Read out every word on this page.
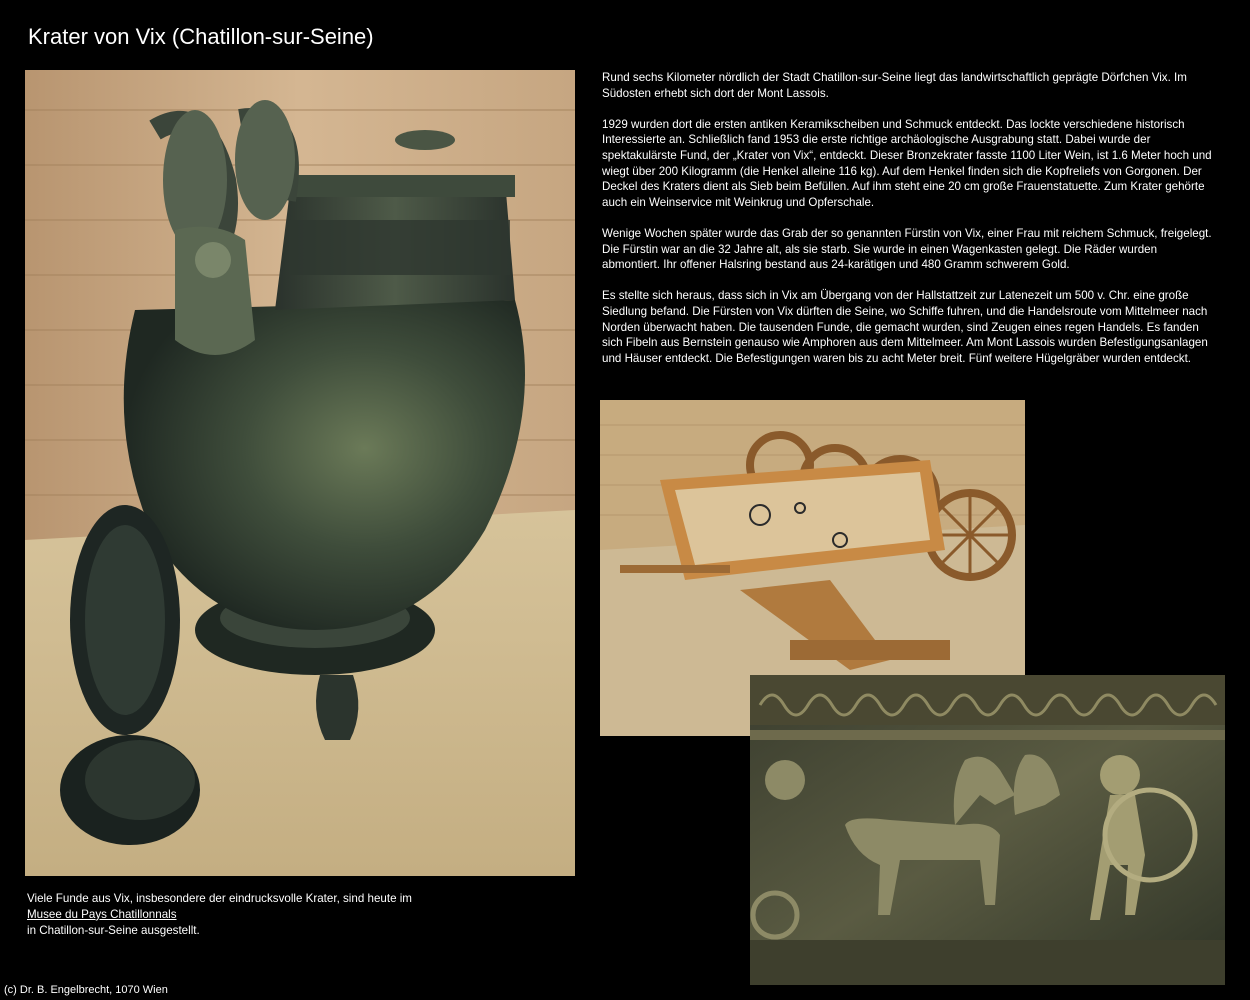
Krater von Vix (Chatillon-sur-Seine)

Rund sechs Kilometer nördlich der Stadt Chatillon-sur-Seine liegt das landwirtschaftlich geprägte Dörfchen Vix. Im Südosten erhebt sich dort der Mont Lassois.

1929 wurden dort die ersten antiken Keramikscheiben und Schmuck entdeckt. Das lockte verschiedene historisch Interessierte an. Schließlich fand 1953 die erste richtige archäologische Ausgrabung statt. Dabei wurde der spektakulärste Fund, der „Krater von Vix“, entdeckt. Dieser Bronzekrater fasste 1100 Liter Wein, ist 1.6 Meter hoch und wiegt über 200 Kilogramm (die Henkel alleine 116 kg). Auf dem Henkel finden sich die Kopfreliefs von Gorgonen. Der Deckel des Kraters dient als Sieb beim Befüllen. Auf ihm steht eine 20 cm große Frauenstatuette. Zum Krater gehörte auch ein Weinservice mit Weinkrug und Opferschale.

Wenige Wochen später wurde das Grab der so genannten Fürstin von Vix, einer Frau mit reichem Schmuck, freigelegt. Die Fürstin war an die 32 Jahre alt, als sie starb. Sie wurde in einen Wagenkasten gelegt. Die Räder wurden abmontiert. Ihr offener Halsring bestand aus 24-karätigen und 480 Gramm schwerem Gold.

Es stellte sich heraus, dass sich in Vix am Übergang von der Hallstattzeit zur Latenezeit um 500 v. Chr. eine große Siedlung befand. Die Fürsten von Vix dürften die Seine, wo Schiffe fuhren, und die Handelsroute vom Mittelmeer nach Norden überwacht haben. Die tausenden Funde, die gemacht wurden, sind Zeugen eines regen Handels. Es fanden sich Fibeln aus Bernstein genauso wie Amphoren aus dem Mittelmeer. Am Mont Lassois wurden Befestigungsanlagen und Häuser entdeckt. Die Befestigungen waren bis zu acht Meter breit. Fünf weitere Hügelgräber wurden entdeckt.

Viele Funde aus Vix, insbesondere der eindrucksvolle Krater, sind heute im
Musee du Pays Chatillonnals
in Chatillon-sur-Seine ausgestellt.
(c) Dr. B. Engelbrecht, 1070 Wien
